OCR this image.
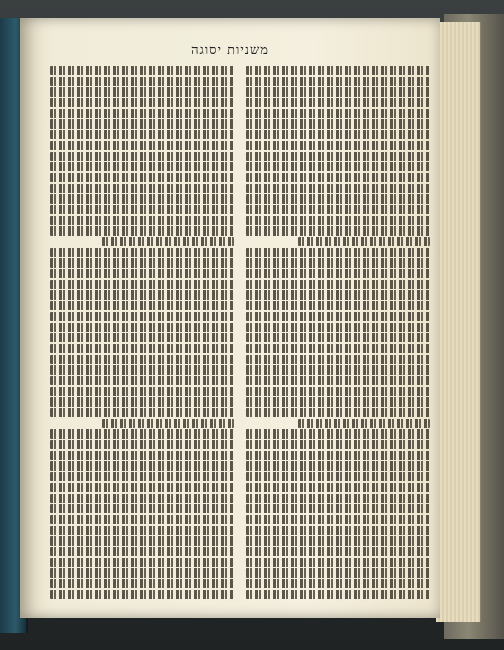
משניות יסוגה
